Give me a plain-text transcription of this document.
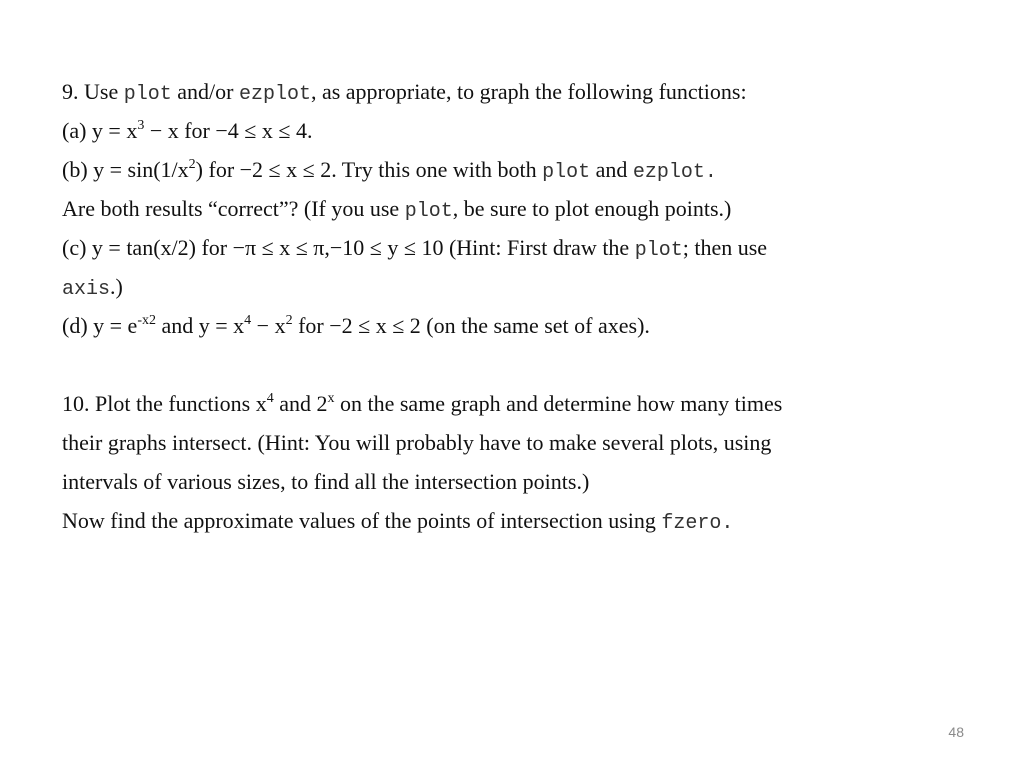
9. Use plot and/or ezplot, as appropriate, to graph the following functions:
(a) $y = x^3 - x$ for −4 ≤ x ≤ 4.
(b) $y = \sin(1/x^2)$ for −2 ≤ x ≤ 2. Try this one with both plot and ezplot.
Are both results “correct”? (If you use plot, be sure to plot enough points.)
(c) y = tan(x/2) for −π ≤ x ≤ π,−10 ≤ y ≤ 10 (Hint: First draw the plot; then use
axis.)
(d) $y = e^{-x2}$ and $y = x^4 - x^2$ for −2 ≤ x ≤ 2 (on the same set of axes).
10. Plot the functions $x^4$ and 2$^x$ on the same graph and determine how many times
their graphs intersect. (Hint: You will probably have to make several plots, using
intervals of various sizes, to find all the intersection points.)
Now find the approximate values of the points of intersection using fzero.
48
